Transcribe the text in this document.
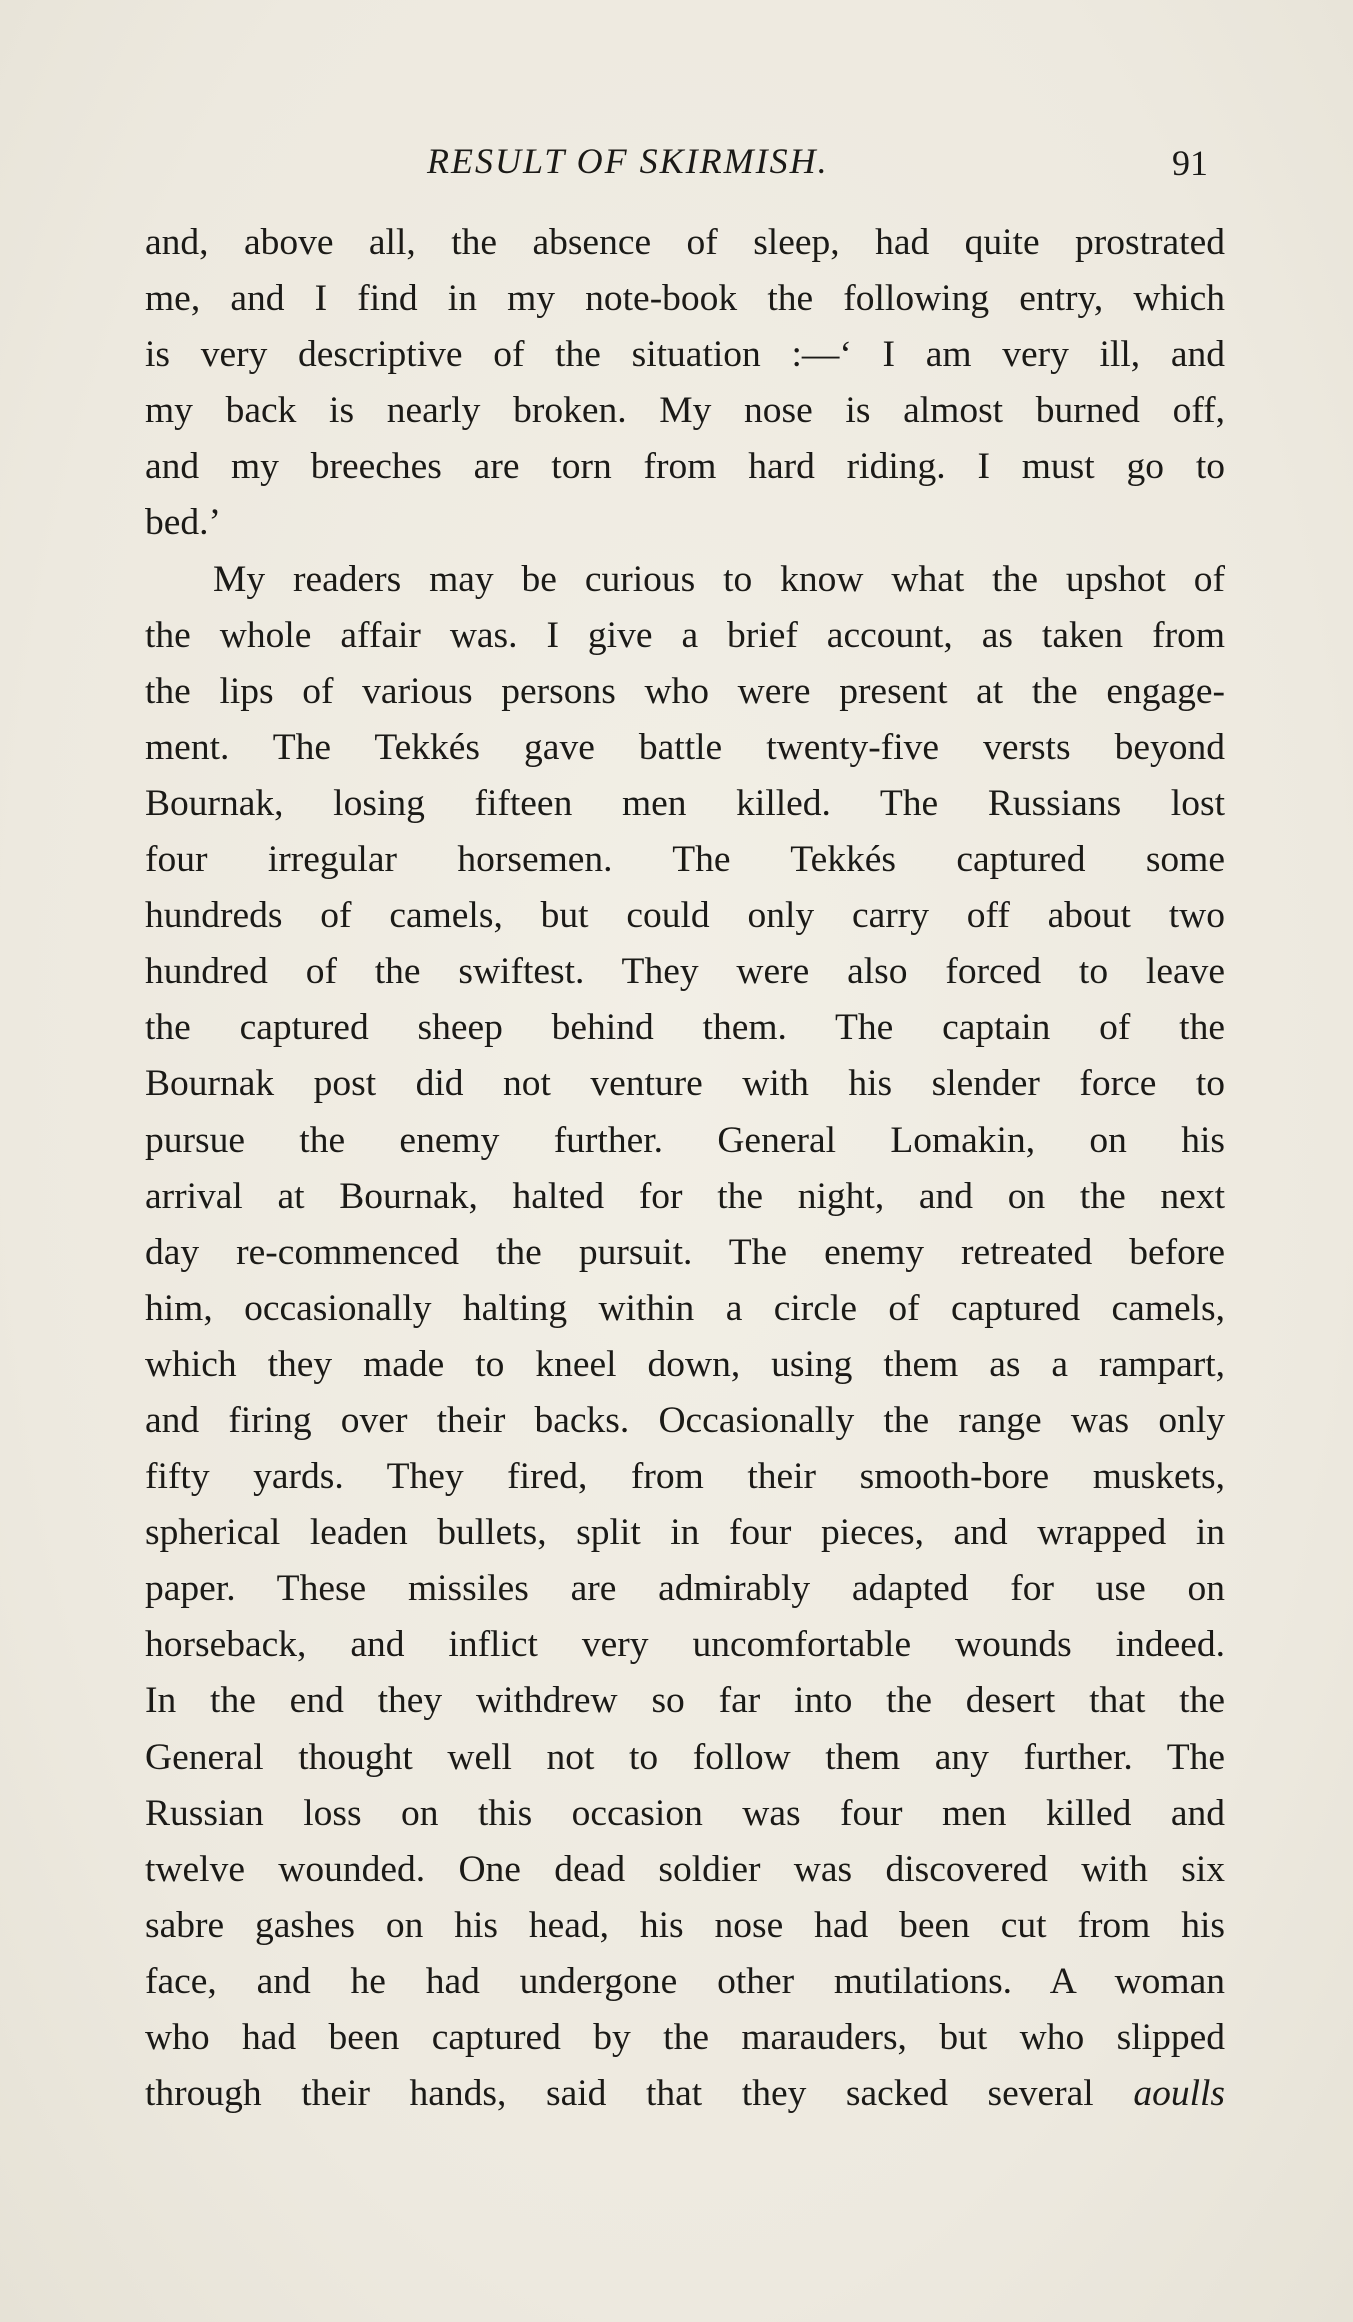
RESULT OF SKIRMISH.	91
and, above all, the absence of sleep, had quite prostrated
me, and I find in my note-book the following entry, which
is very descriptive of the situation :—‘ I am very ill, and
my back is nearly broken. My nose is almost burned off,
and my breeches are torn from hard riding. I must go to
bed.’
My readers may be curious to know what the upshot of
the whole affair was. I give a brief account, as taken from
the lips of various persons who were present at the engage-
ment. The Tekkés gave battle twenty-five versts beyond
Bournak, losing fifteen men killed. The Russians lost
four irregular horsemen. The Tekkés captured some
hundreds of camels, but could only carry off about two
hundred of the swiftest. They were also forced to leave
the captured sheep behind them. The captain of the
Bournak post did not venture with his slender force to
pursue the enemy further. General Lomakin, on his
arrival at Bournak, halted for the night, and on the next
day re-commenced the pursuit. The enemy retreated before
him, occasionally halting within a circle of captured camels,
which they made to kneel down, using them as a rampart,
and firing over their backs. Occasionally the range was only
fifty yards. They fired, from their smooth-bore muskets,
spherical leaden bullets, split in four pieces, and wrapped in
paper. These missiles are admirably adapted for use on
horseback, and inflict very uncomfortable wounds indeed.
In the end they withdrew so far into the desert that the
General thought well not to follow them any further. The
Russian loss on this occasion was four men killed and
twelve wounded. One dead soldier was discovered with six
sabre gashes on his head, his nose had been cut from his
face, and he had undergone other mutilations. A woman
who had been captured by the marauders, but who slipped
through their hands, said that they sacked several aoulls
